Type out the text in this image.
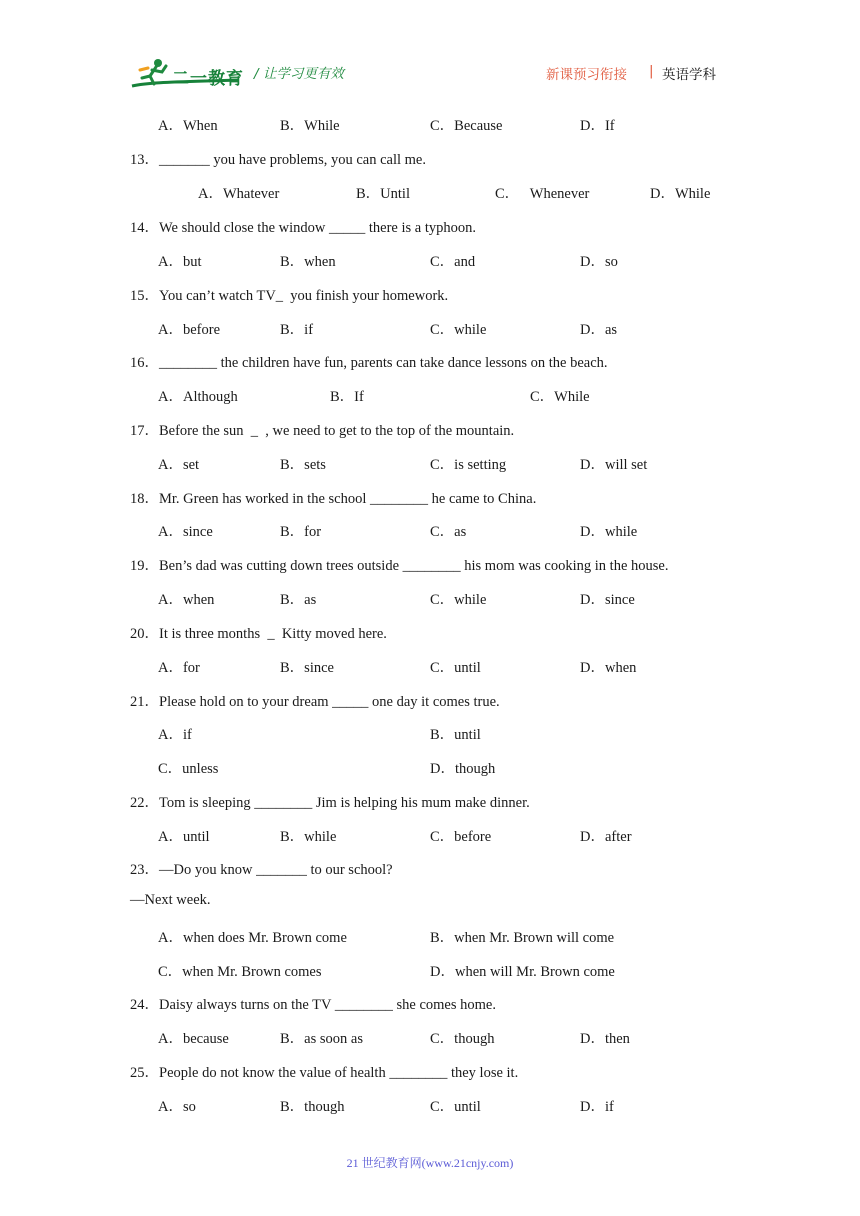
二一教育 / 让学习更有效	新课预习衔接 | 英语学科
A．When	B．While	C．Because	D．If
13．_______ you have problems, you can call me.
A．Whatever	B．Until	C．   Whenever	D．While
14．We should close the window _____ there is a typhoon.
A．but	B．when	C．and	D．so
15．You can’t watch TV_  you finish your homework.
A．before	B．if	C．while	D．as
16．________ the children have fun, parents can take dance lessons on the beach.
A．Although	B．If	C．While
17．Before the sun  _  , we need to get to the top of the mountain.
A．set	B．sets	C．is setting	D．will set
18．Mr. Green has worked in the school ________ he came to China.
A．since	B．for	C．as	D．while
19．Ben’s dad was cutting down trees outside ________ his mom was cooking in the house.
A．when	B．as	C．while	D．since
20．It is three months  _  Kitty moved here.
A．for	B．since	C．until	D．when
21．Please hold on to your dream _____ one day it comes true.
A．if	B．until
C．unless	D．though
22．Tom is sleeping ________ Jim is helping his mum make dinner.
A．until	B．while	C．before	D．after
23．—Do you know _______ to our school?
—Next week.
A．when does Mr. Brown come	B．when Mr. Brown will come
C．when Mr. Brown comes	D．when will Mr. Brown come
24．Daisy always turns on the TV ________ she comes home.
A．because	B．as soon as	C．though	D．then
25．People do not know the value of health ________ they lose it.
A．so	B．though	C．until	D．if
21 世纪教育网(www.21cnjy.com)
